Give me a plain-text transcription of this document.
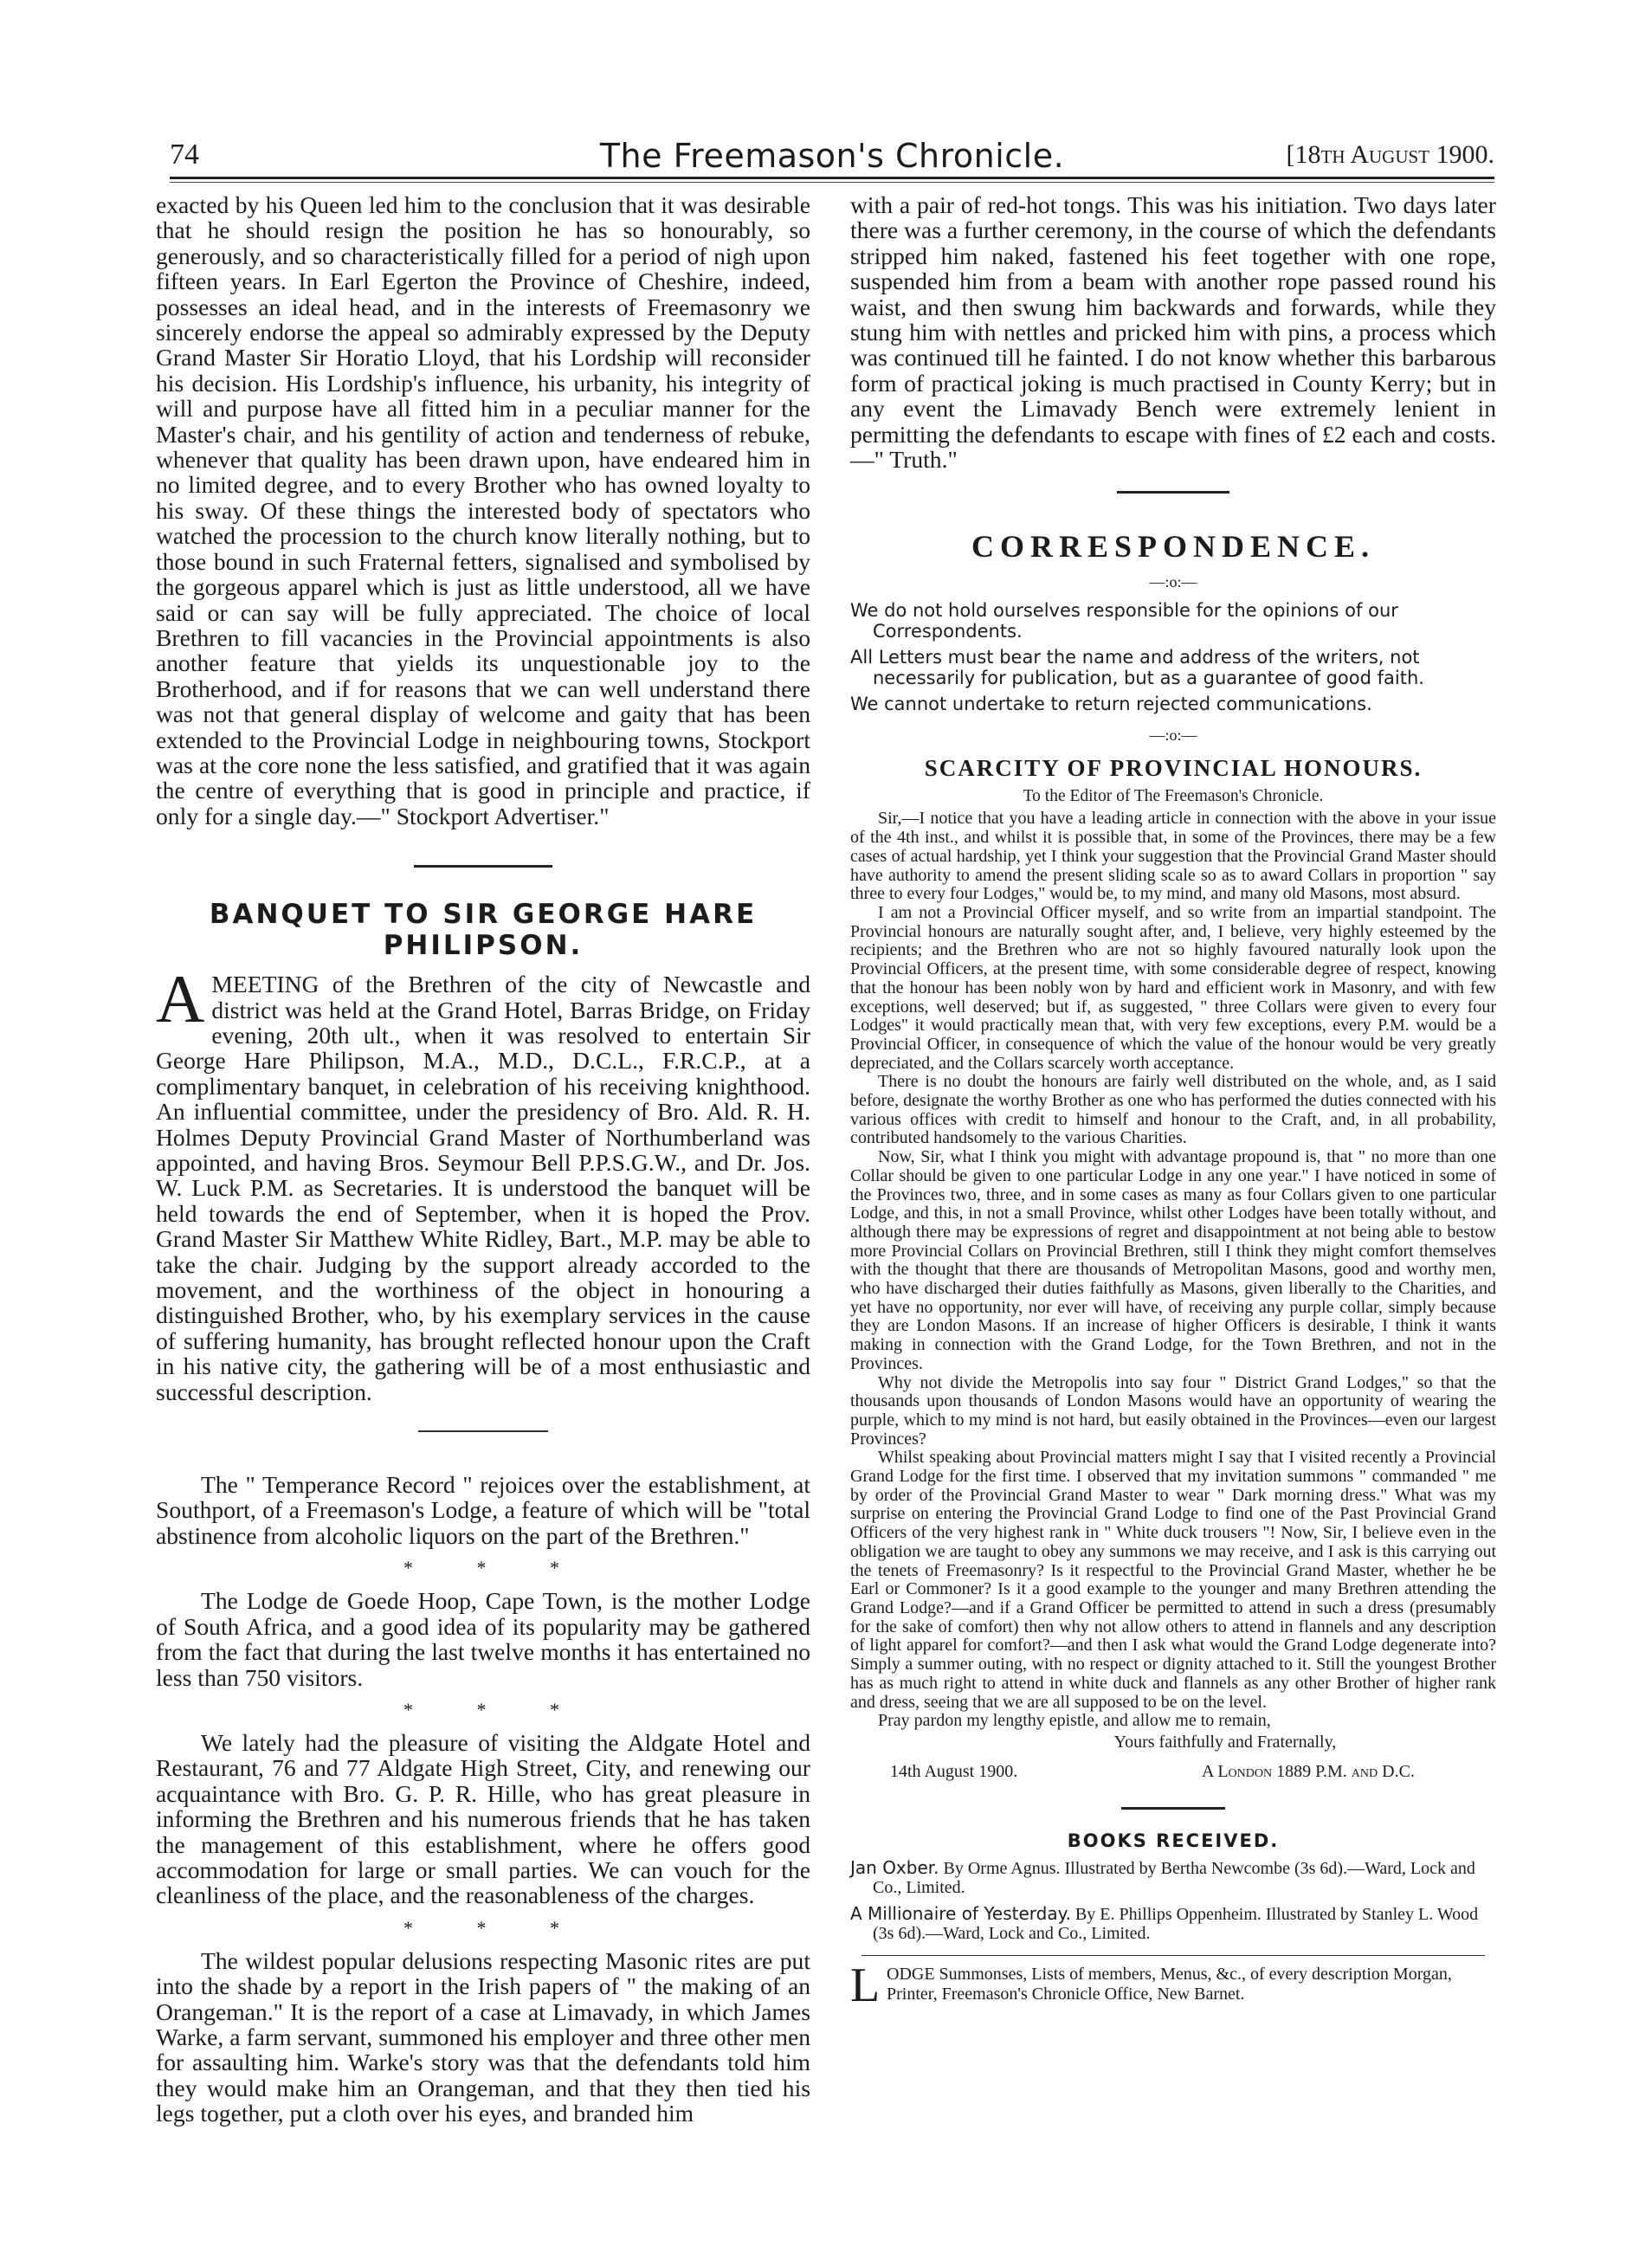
74	The Freemason's Chronicle.	[18th August 1900.

exacted by his Queen led him to the conclusion that it was desirable that he should resign the position he has so honourably, so generously, and so characteristically filled for a period of nigh upon fifteen years. In Earl Egerton the Province of Cheshire, indeed, possesses an ideal head, and in the interests of Freemasonry we sincerely endorse the appeal so admirably expressed by the Deputy Grand Master Sir Horatio Lloyd, that his Lordship will reconsider his decision. His Lordship's influence, his urbanity, his integrity of will and purpose have all fitted him in a peculiar manner for the Master's chair, and his gentility of action and tenderness of rebuke, whenever that quality has been drawn upon, have endeared him in no limited degree, and to every Brother who has owned loyalty to his sway. Of these things the interested body of spectators who watched the procession to the church know literally nothing, but to those bound in such Fraternal fetters, signalised and symbolised by the gorgeous apparel which is just as little understood, all we have said or can say will be fully appreciated. The choice of local Brethren to fill vacancies in the Provincial appointments is also another feature that yields its unquestionable joy to the Brotherhood, and if for reasons that we can well understand there was not that general display of welcome and gaity that has been extended to the Provincial Lodge in neighbouring towns, Stockport was at the core none the less satisfied, and gratified that it was again the centre of everything that is good in principle and practice, if only for a single day.—" Stockport Advertiser."

BANQUET TO SIR GEORGE HARE PHILIPSON.
A MEETING of the Brethren of the city of Newcastle and district was held at the Grand Hotel, Barras Bridge, on Friday evening, 20th ult., when it was resolved to entertain Sir George Hare Philipson, M.A., M.D., D.C.L., F.R.C.P., at a complimentary banquet, in celebration of his receiving knighthood. An influential committee, under the presidency of Bro. Ald. R. H. Holmes Deputy Provincial Grand Master of Northumberland was appointed, and having Bros. Seymour Bell P.P.S.G.W., and Dr. Jos. W. Luck P.M. as Secretaries. It is understood the banquet will be held towards the end of September, when it is hoped the Prov. Grand Master Sir Matthew White Ridley, Bart., M.P. may be able to take the chair. Judging by the support already accorded to the movement, and the worthiness of the object in honouring a distinguished Brother, who, by his exemplary services in the cause of suffering humanity, has brought reflected honour upon the Craft in his native city, the gathering will be of a most enthusiastic and successful description.

The " Temperance Record " rejoices over the establishment, at Southport, of a Freemason's Lodge, a feature of which will be "total abstinence from alcoholic liquors on the part of the Brethren."

* * *

The Lodge de Goede Hoop, Cape Town, is the mother Lodge of South Africa, and a good idea of its popularity may be gathered from the fact that during the last twelve months it has entertained no less than 750 visitors.

* * *

We lately had the pleasure of visiting the Aldgate Hotel and Restaurant, 76 and 77 Aldgate High Street, City, and renewing our acquaintance with Bro. G. P. R. Hille, who has great pleasure in informing the Brethren and his numerous friends that he has taken the management of this establishment, where he offers good accommodation for large or small parties. We can vouch for the cleanliness of the place, and the reasonableness of the charges.

* * *

The wildest popular delusions respecting Masonic rites are put into the shade by a report in the Irish papers of " the making of an Orangeman." It is the report of a case at Limavady, in which James Warke, a farm servant, summoned his employer and three other men for assaulting him. Warke's story was that the defendants told him they would make him an Orangeman, and that they then tied his legs together, put a cloth over his eyes, and branded him

with a pair of red-hot tongs. This was his initiation. Two days later there was a further ceremony, in the course of which the defendants stripped him naked, fastened his feet together with one rope, suspended him from a beam with another rope passed round his waist, and then swung him backwards and forwards, while they stung him with nettles and pricked him with pins, a process which was continued till he fainted. I do not know whether this barbarous form of practical joking is much practised in County Kerry; but in any event the Limavady Bench were extremely lenient in permitting the defendants to escape with fines of £2 each and costs.—" Truth."

CORRESPONDENCE.

—:o:—

We do not hold ourselves responsible for the opinions of our Correspondents.

All Letters must bear the name and address of the writers, not necessarily for publication, but as a guarantee of good faith.

We cannot undertake to return rejected communications.

—:o:—

SCARCITY OF PROVINCIAL HONOURS.

To the Editor of The Freemason's Chronicle.

Sir,—I notice that you have a leading article in connection with the above in your issue of the 4th inst., and whilst it is possible that, in some of the Provinces, there may be a few cases of actual hardship, yet I think your suggestion that the Provincial Grand Master should have authority to amend the present sliding scale so as to award Collars in proportion " say three to every four Lodges," would be, to my mind, and many old Masons, most absurd.

I am not a Provincial Officer myself, and so write from an impartial standpoint. The Provincial honours are naturally sought after, and, I believe, very highly esteemed by the recipients; and the Brethren who are not so highly favoured naturally look upon the Provincial Officers, at the present time, with some considerable degree of respect, knowing that the honour has been nobly won by hard and efficient work in Masonry, and with few exceptions, well deserved; but if, as suggested, " three Collars were given to every four Lodges" it would practically mean that, with very few exceptions, every P.M. would be a Provincial Officer, in consequence of which the value of the honour would be very greatly depreciated, and the Collars scarcely worth acceptance.

There is no doubt the honours are fairly well distributed on the whole, and, as I said before, designate the worthy Brother as one who has performed the duties connected with his various offices with credit to himself and honour to the Craft, and, in all probability, contributed handsomely to the various Charities.

Now, Sir, what I think you might with advantage propound is, that " no more than one Collar should be given to one particular Lodge in any one year." I have noticed in some of the Provinces two, three, and in some cases as many as four Collars given to one particular Lodge, and this, in not a small Province, whilst other Lodges have been totally without, and although there may be expressions of regret and disappointment at not being able to bestow more Provincial Collars on Provincial Brethren, still I think they might comfort themselves with the thought that there are thousands of Metropolitan Masons, good and worthy men, who have discharged their duties faithfully as Masons, given liberally to the Charities, and yet have no opportunity, nor ever will have, of receiving any purple collar, simply because they are London Masons. If an increase of higher Officers is desirable, I think it wants making in connection with the Grand Lodge, for the Town Brethren, and not in the Provinces.

Why not divide the Metropolis into say four " District Grand Lodges," so that the thousands upon thousands of London Masons would have an opportunity of wearing the purple, which to my mind is not hard, but easily obtained in the Provinces—even our largest Provinces?

Whilst speaking about Provincial matters might I say that I visited recently a Provincial Grand Lodge for the first time. I observed that my invitation summons " commanded " me by order of the Provincial Grand Master to wear " Dark morning dress." What was my surprise on entering the Provincial Grand Lodge to find one of the Past Provincial Grand Officers of the very highest rank in " White duck trousers "! Now, Sir, I believe even in the obligation we are taught to obey any summons we may receive, and I ask is this carrying out the tenets of Freemasonry? Is it respectful to the Provincial Grand Master, whether he be Earl or Commoner? Is it a good example to the younger and many Brethren attending the Grand Lodge?—and if a Grand Officer be permitted to attend in such a dress (presumably for the sake of comfort) then why not allow others to attend in flannels and any description of light apparel for comfort?—and then I ask what would the Grand Lodge degenerate into? Simply a summer outing, with no respect or dignity attached to it. Still the youngest Brother has as much right to attend in white duck and flannels as any other Brother of higher rank and dress, seeing that we are all supposed to be on the level.

Pray pardon my lengthy epistle, and allow me to remain,

Yours faithfully and Fraternally,

14th August 1900.	A London 1889 P.M. and D.C.
BOOKS RECEIVED.

Jan Oxber. By Orme Agnus. Illustrated by Bertha Newcombe (3s 6d).—Ward, Lock and Co., Limited.

A Millionaire of Yesterday. By E. Phillips Oppenheim. Illustrated by Stanley L. Wood (3s 6d).—Ward, Lock and Co., Limited.

L ODGE Summonses, Lists of members, Menus, &c., of every description Morgan, Printer, Freemason's Chronicle Office, New Barnet.
